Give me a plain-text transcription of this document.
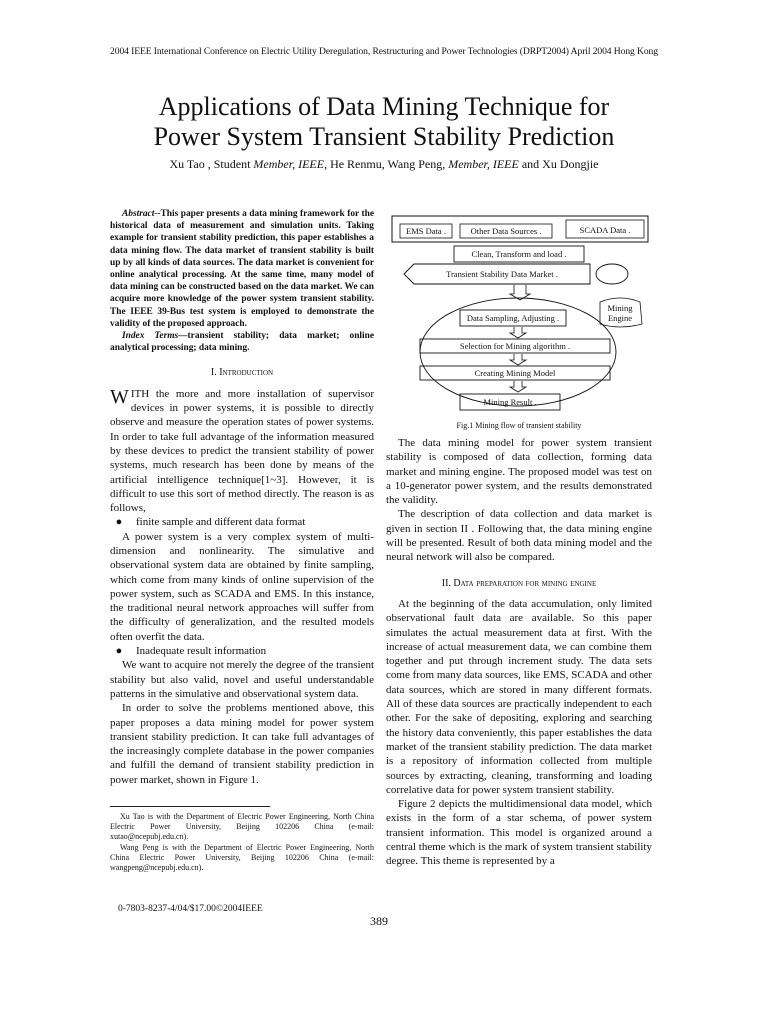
2004 IEEE International Conference on Electric Utility Deregulation, Restructuring and Power Technologies (DRPT2004) April 2004 Hong Kong
Applications of Data Mining Technique for
Power System Transient Stability Prediction
Xu Tao , Student Member, IEEE, He Renmu, Wang Peng, Member, IEEE and Xu Dongjie

Abstract--This paper presents a data mining framework for the historical data of measurement and simulation units. Taking example for transient stability prediction, this paper establishes a data mining flow. The data market of transient stability is built up by all kinds of data sources. The data market is convenient for online analytical processing. At the same time, many model of data mining can be constructed based on the data market. We can acquire more knowledge of the power system transient stability. The IEEE 39-Bus test system is employed to demonstrate the validity of the proposed approach.

Index Terms—transient stability; data market; online analytical processing; data mining.

I. Introduction

WITH the more and more installation of supervisor devices in power systems, it is possible to directly observe and measure the operation states of power systems. In order to take full advantage of the information measured by these devices to predict the transient stability of power systems, much research has been done by means of the artificial intelligence technique[1~3]. However, it is difficult to use this sort of method directly. The reason is as follows,

●	finite sample and different data format

A power system is a very complex system of multi-dimension and nonlinearity. The simulative and observational system data are obtained by finite sampling, which come from many kinds of online supervision of the power system, such as SCADA and EMS. In this instance, the traditional neural network approaches will suffer from the difficulty of generalization, and the resulted models often overfit the data.

●	Inadequate result information

We want to acquire not merely the degree of the transient stability but also valid, novel and useful understandable patterns in the simulative and observational system data.

In order to solve the problems mentioned above, this paper proposes a data mining model for power system transient stability prediction. It can take full advantages of the increasingly complete database in the power companies and fulfill the demand of transient stability prediction in power market, shown in Figure 1.

Xu Tao is with the Department of Electric Power Engineering, North China Electric Power University, Beijing 102206 China (e-mail: xutao@ncepubj.edu.cn).

Wang Peng is with the Department of Electric Power Engineering, North China Electric Power University, Beijing 102206 China (e-mail: wangpeng@ncepubj.edu.cn).

0-7803-8237-4/04/$17.00©2004IEEE
389
EMS Data .	Other Data Sources .	SCADA Data .
Clean, Transform and load .
Transient Stability Data Market .
Mining
Engine
Data Sampling, Adjusting .
Selection for Mining algorithm .
Creating Mining Model
Mining Result .
Fig.1 Mining flow of transient stability

The data mining model for power system transient stability is composed of data collection, forming data market and mining engine. The proposed model was test on a 10-generator power system, and the results demonstrated the validity.

The description of data collection and data market is given in section II . Following that, the data mining engine will be presented. Result of both data mining model and the neural network will also be compared.

II. Data preparation for mining engine

At the beginning of the data accumulation, only limited observational fault data are available. So this paper simulates the actual measurement data at first. With the increase of actual measurement data, we can combine them together and put through increment study. The data sets come from many data sources, like EMS, SCADA and other data sources, which are stored in many different formats. All of these data sources are practically independent to each other. For the sake of depositing, exploring and searching the history data conveniently, this paper establishes the data market of the transient stability prediction. The data market is a repository of information collected from multiple sources by extracting, cleaning, transforming and loading correlative data for power system transient stability.

Figure 2 depicts the multidimensional data model, which exists in the form of a star schema, of power system transient information. This model is organized around a central theme which is the mark of system transient stability degree. This theme is represented by a
